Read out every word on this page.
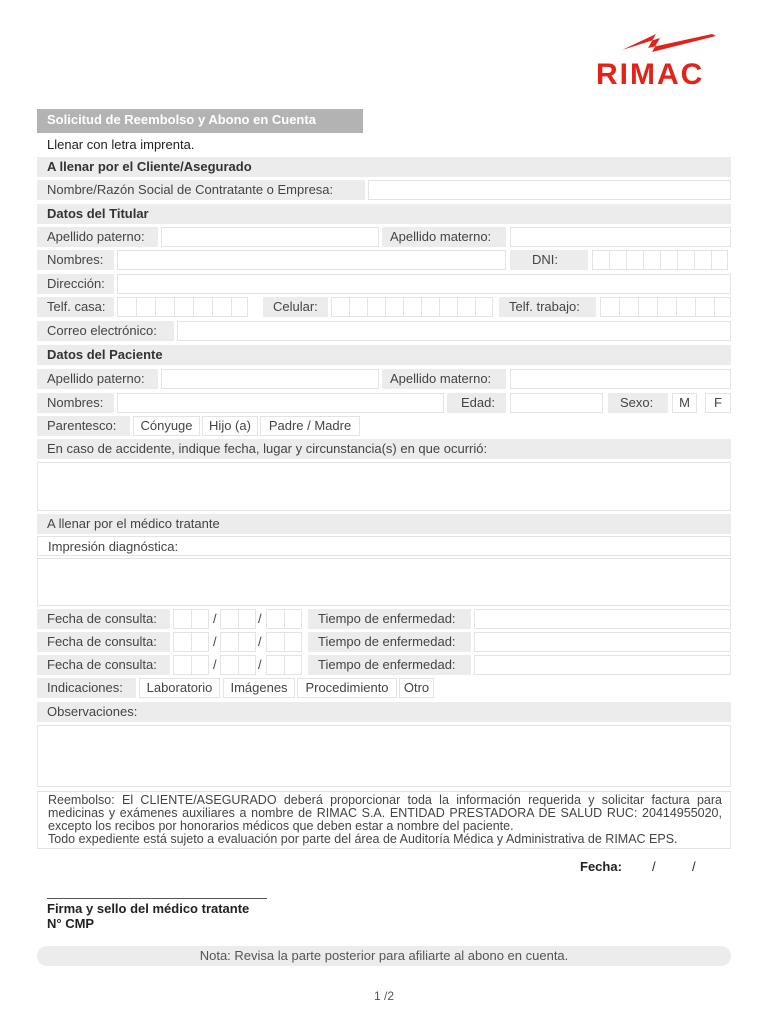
RIMAC
Solicitud de Reembolso y Abono en Cuenta
Llenar con letra imprenta.
A llenar por el Cliente/Asegurado
Nombre/Razón Social de Contratante o Empresa:
Datos del Titular
Apellido paterno:	Apellido materno:
Nombres:	DNI:
Dirección:
Telf. casa:	Celular:	Telf. trabajo:
Correo electrónico:
Datos del Paciente
Apellido paterno:	Apellido materno:
Nombres:	Edad:	Sexo:	M	F
Parentesco:	Cónyuge	Hijo (a)	Padre / Madre
En caso de accidente, indique fecha, lugar y circunstancia(s) en que ocurrió:
A llenar por el médico tratante
Impresión diagnóstica:
Fecha de consulta:	/	/	Tiempo de enfermedad:
Fecha de consulta:	/	/	Tiempo de enfermedad:
Fecha de consulta:	/	/	Tiempo de enfermedad:
Indicaciones:	Laboratorio	Imágenes	Procedimiento	Otro
Observaciones:
Reembolso: El CLIENTE/ASEGURADO deberá proporcionar toda la información requerida y solicitar factura para medicinas y exámenes auxiliares a nombre de RIMAC S.A. ENTIDAD PRESTADORA DE SALUD RUC: 20414955020, excepto los recibos por honorarios médicos que deben estar a nombre del paciente.
Todo expediente está sujeto a evaluación por parte del área de Auditoría Médica y Administrativa de RIMAC EPS.
Fecha: /	/
Firma y sello del médico tratante
N° CMP
Nota: Revisa la parte posterior para afiliarte al abono en cuenta.
1 /2
